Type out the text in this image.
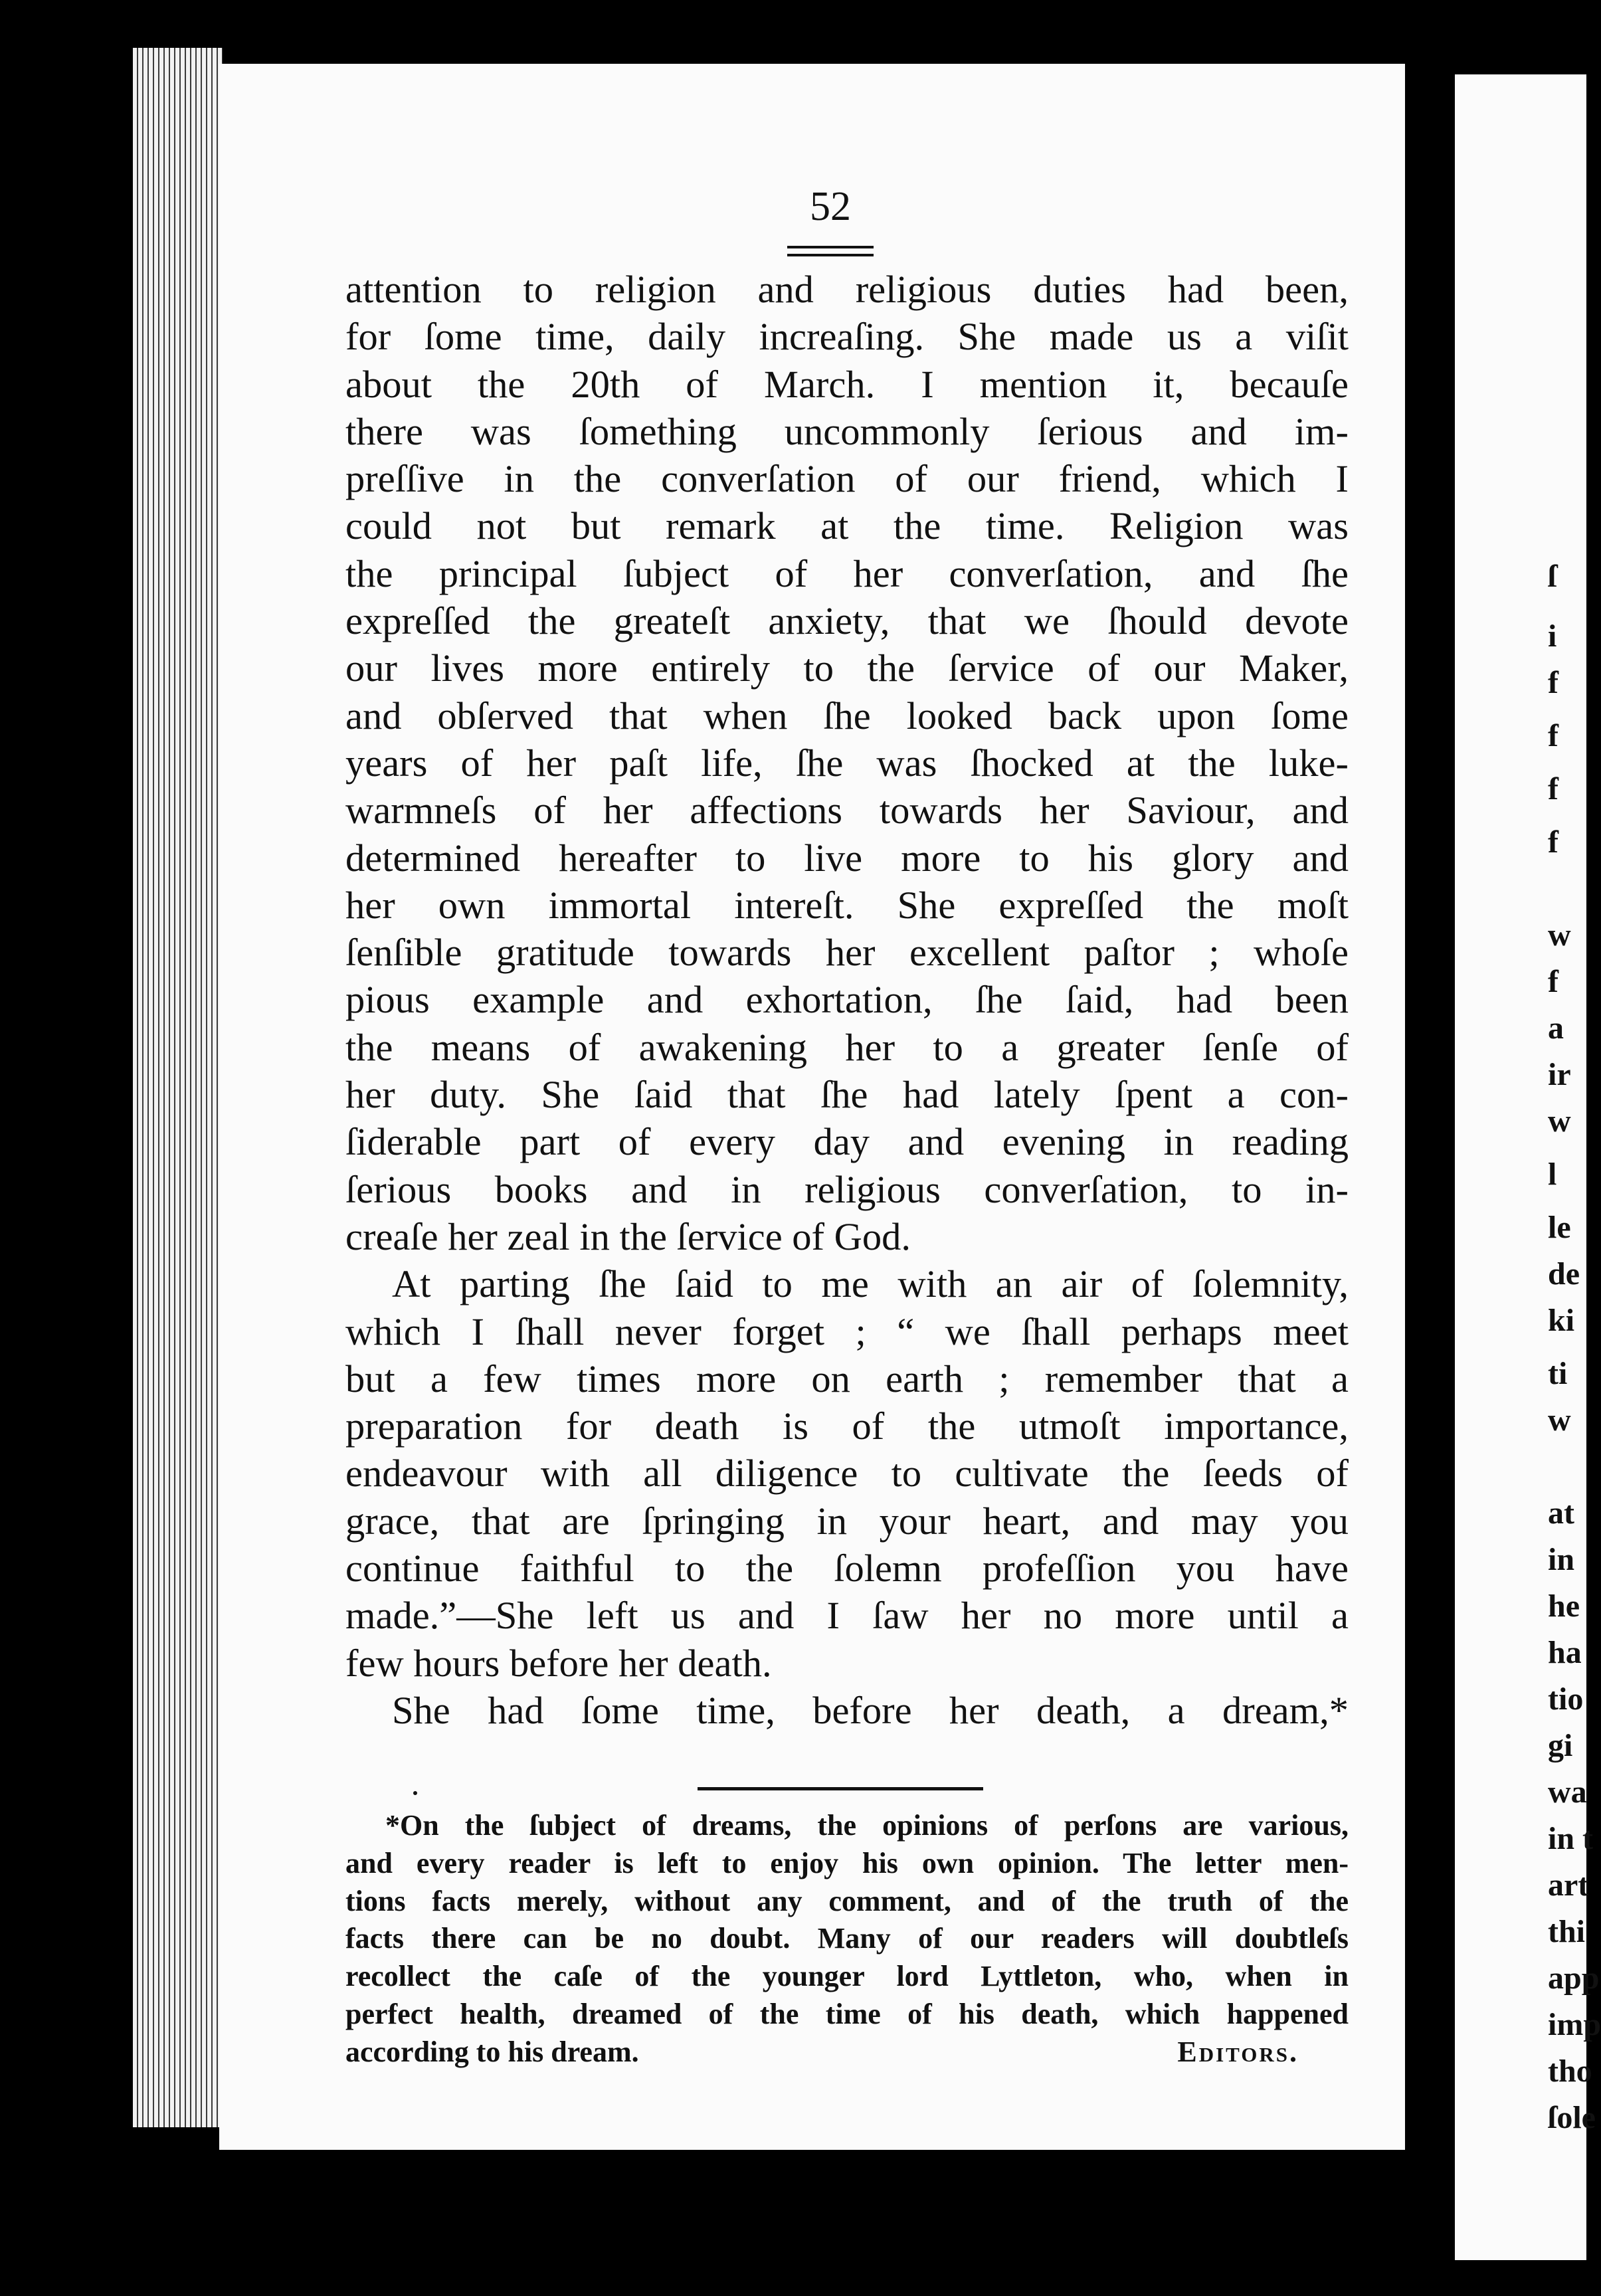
52
attention to religion and religious duties had been,
for ſome time, daily increaſing. She made us a viſit
about the 20th of March. I mention it, becauſe
there was ſomething uncommonly ſerious and im-
preſſive in the converſation of our friend, which I
could not but remark at the time. Religion was
the principal ſubject of her converſation, and ſhe
expreſſed the greateſt anxiety, that we ſhould devote
our lives more entirely to the ſervice of our Maker,
and obſerved that when ſhe looked back upon ſome
years of her paſt life, ſhe was ſhocked at the luke-
warmneſs of her affections towards her Saviour, and
determined hereafter to live more to his glory and
her own immortal intereſt. She expreſſed the moſt
ſenſible gratitude towards her excellent paſtor ; whoſe
pious example and exhortation, ſhe ſaid, had been
the means of awakening her to a greater ſenſe of
her duty. She ſaid that ſhe had lately ſpent a con-
ſiderable part of every day and evening in reading
ſerious books and in religious converſation, to in-
creaſe her zeal in the ſervice of God.
At parting ſhe ſaid to me with an air of ſolemnity,
which I ſhall never forget ; “ we ſhall perhaps meet
but a few times more on earth ; remember that a
preparation for death is of the utmoſt importance,
endeavour with all diligence to cultivate the ſeeds of
grace, that are ſpringing in your heart, and may you
continue faithful to the ſolemn profeſſion you have
made.”—She left us and I ſaw her no more until a
few hours before her death.
She had ſome time, before her death, a dream,*
*On the ſubject of dreams, the opinions of perſons are various,
and every reader is left to enjoy his own opinion. The letter men-
tions facts merely, without any comment, and of the truth of the
facts there can be no doubt. Many of our readers will doubtleſs
recollect the caſe of the younger lord Lyttleton, who, when in
perfect health, dreamed of the time of his death, which happened
according to his dream.	Editors.
ſ
i
f
f
f
f
w
f
a
ir
w
l
le
de
ki
ti
w
at
in
he
ha
tio
gi
wa
in t
art
thi
app
imp
tho
ſole
